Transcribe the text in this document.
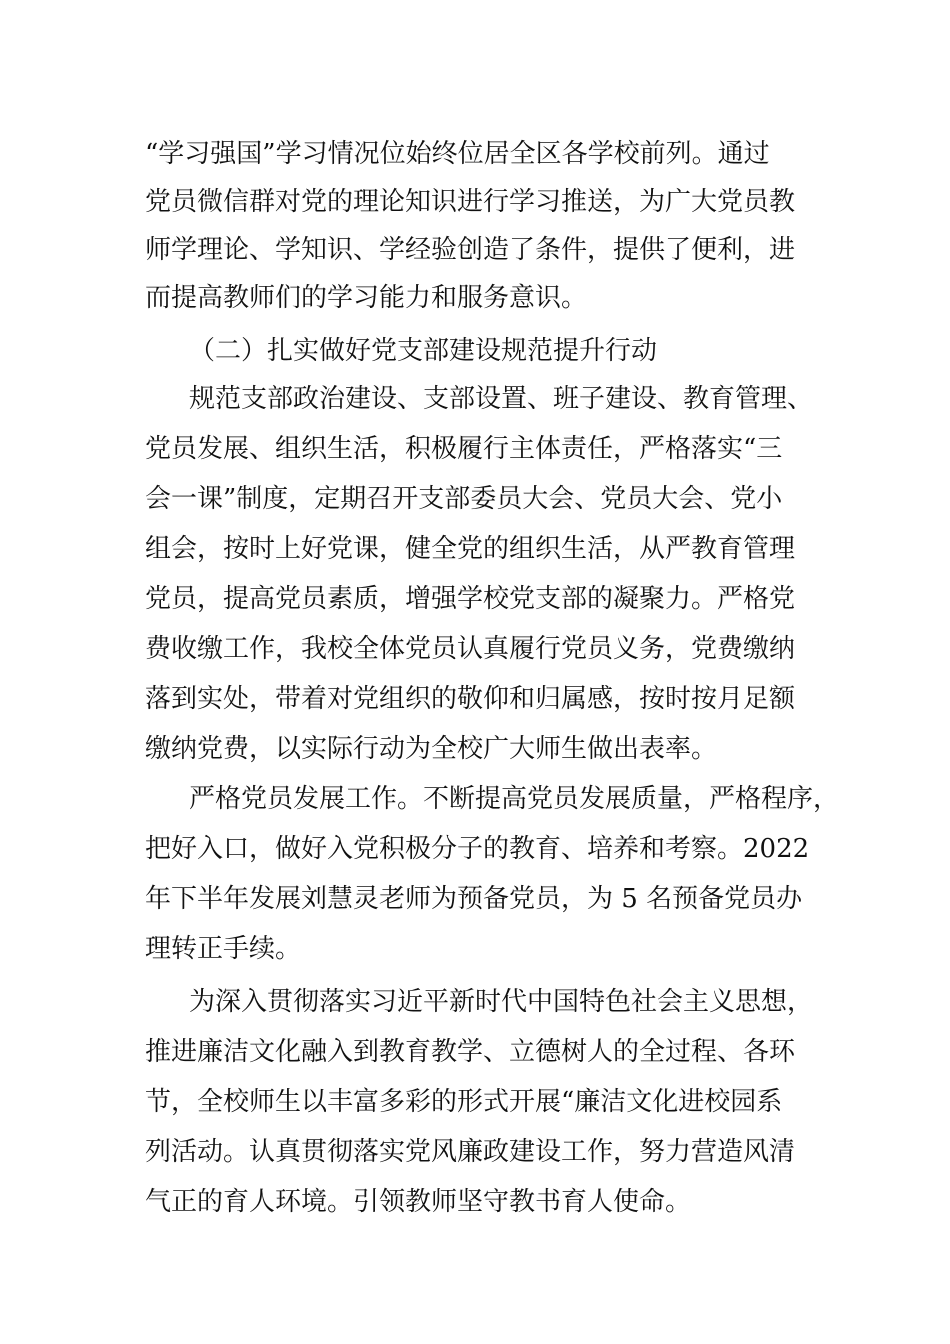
“学习强国”学习情况位始终位居全区各学校前列。通过

党员微信群对党的理论知识进行学习推送，为广大党员教

师学理论、学知识、学经验创造了条件，提供了便利，进

而提高教师们的学习能力和服务意识。

（二）扎实做好党支部建设规范提升行动

规范支部政治建设、支部设置、班子建设、教育管理、

党员发展、组织生活，积极履行主体责任，严格落实“三

会一课”制度，定期召开支部委员大会、党员大会、党小

组会，按时上好党课，健全党的组织生活，从严教育管理

党员，提高党员素质，增强学校党支部的凝聚力。严格党

费收缴工作，我校全体党员认真履行党员义务，党费缴纳

落到实处，带着对党组织的敬仰和归属感，按时按月足额

缴纳党费，以实际行动为全校广大师生做出表率。

严格党员发展工作。不断提高党员发展质量，严格程序，

把好入口，做好入党积极分子的教育、培养和考察。2022

年下半年发展刘慧灵老师为预备党员，为 5 名预备党员办

理转正手续。

为深入贯彻落实习近平新时代中国特色社会主义思想，

推进廉洁文化融入到教育教学、立德树人的全过程、各环

节，全校师生以丰富多彩的形式开展“廉洁文化进校园系

列活动。认真贯彻落实党风廉政建设工作，努力营造风清

气正的育人环境。引领教师坚守教书育人使命。
